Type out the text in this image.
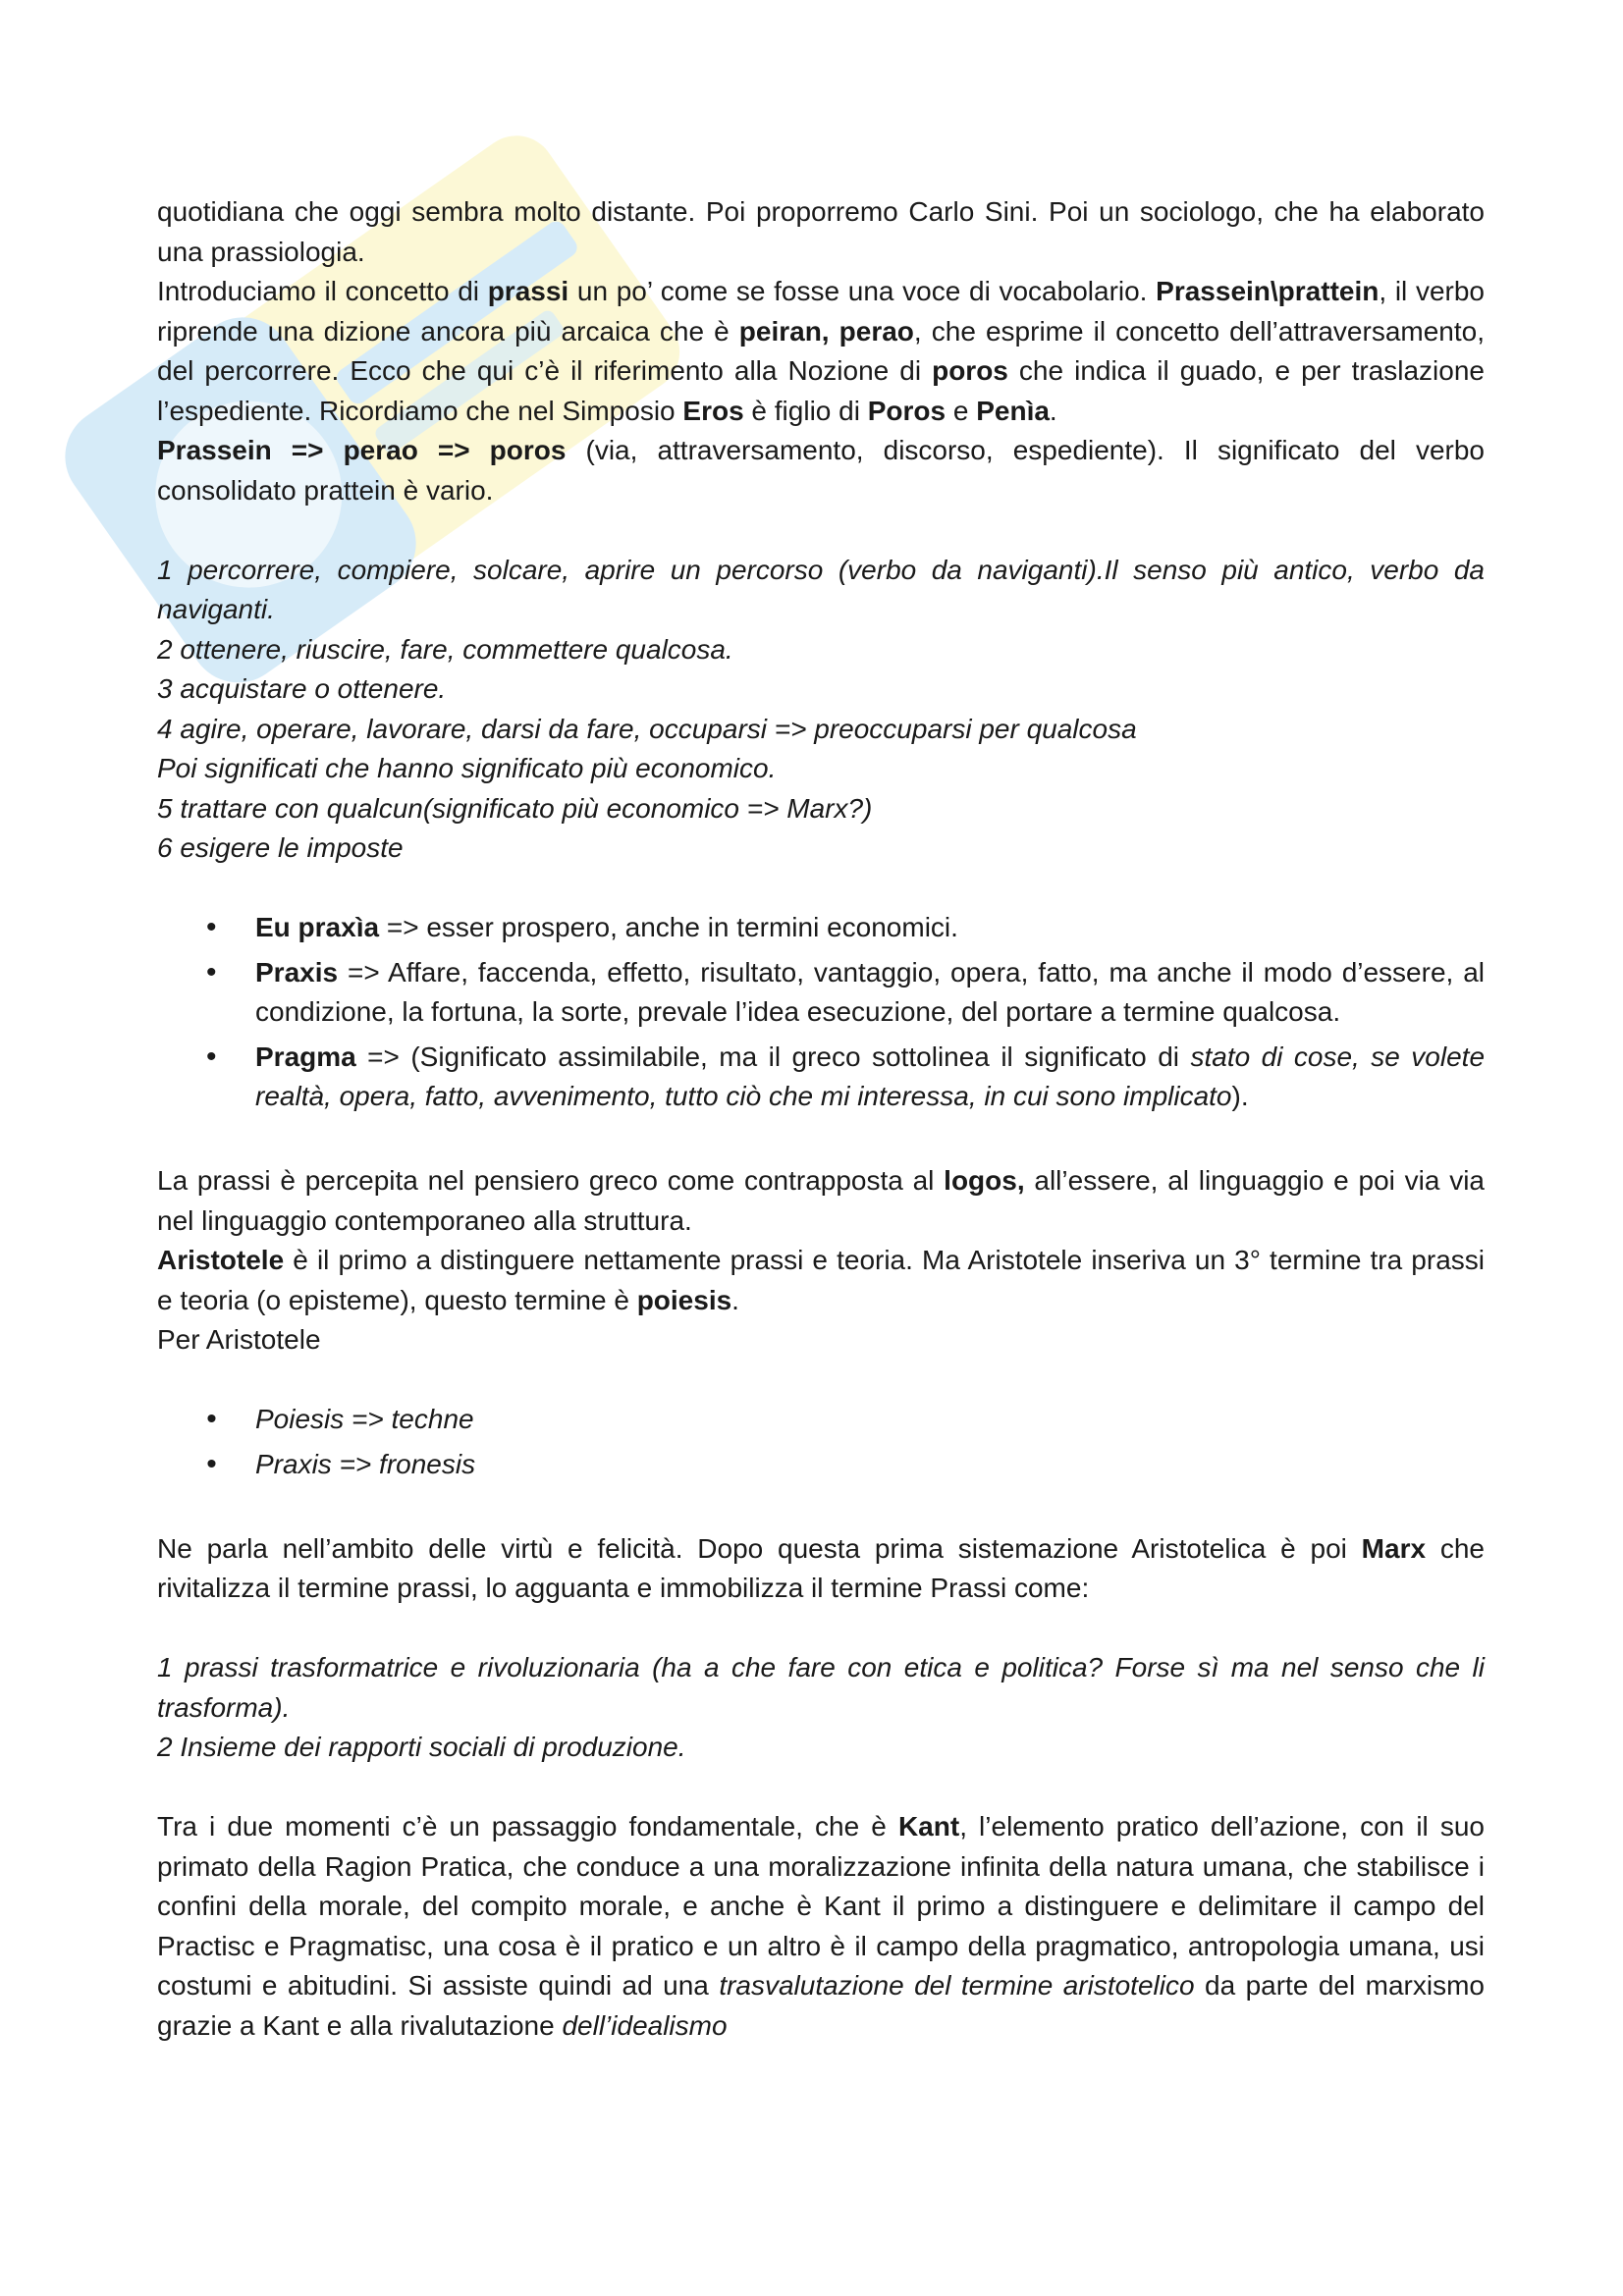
quotidiana che oggi sembra molto distante. Poi proporremo Carlo Sini. Poi un sociologo, che ha elaborato una prassiologia.

Introduciamo il concetto di prassi un po’ come se fosse una voce di vocabolario. Prassein\prattein, il verbo riprende una dizione ancora più arcaica che è peiran, perao, che esprime il concetto dell’attraversamento, del percorrere. Ecco che qui c’è il riferimento alla Nozione di poros che indica il guado, e per traslazione l’espediente. Ricordiamo che nel Simposio Eros è figlio di Poros e Penìa.

Prassein => perao => poros (via, attraversamento, discorso, espediente). Il significato del verbo consolidato prattein è vario.

1 percorrere, compiere, solcare, aprire un percorso (verbo da naviganti).Il senso più antico, verbo da naviganti.

2 ottenere, riuscire, fare, commettere qualcosa.

3 acquistare o ottenere.

4 agire, operare, lavorare, darsi da fare, occuparsi => preoccuparsi per qualcosa

Poi significati che hanno significato più economico.

5 trattare con qualcun(significato più economico => Marx?)

6 esigere le imposte

• Eu praxìa => esser prospero, anche in termini economici.
• Praxis => Affare, faccenda, effetto, risultato, vantaggio, opera, fatto, ma anche il modo d’essere, al condizione, la fortuna, la sorte, prevale l’idea esecuzione, del portare a termine qualcosa.
• Pragma => (Significato assimilabile, ma il greco sottolinea il significato di stato di cose, se volete realtà, opera, fatto, avvenimento, tutto ciò che mi interessa, in cui sono implicato).

La prassi è percepita nel pensiero greco come contrapposta al logos, all’essere, al linguaggio e poi via via nel linguaggio contemporaneo alla struttura.

Aristotele è il primo a distinguere nettamente prassi e teoria. Ma Aristotele inseriva un 3° termine tra prassi e teoria (o episteme), questo termine è poiesis.

Per Aristotele

• Poiesis => techne
• Praxis => fronesis

Ne parla nell’ambito delle virtù e felicità. Dopo questa prima sistemazione Aristotelica è poi Marx che rivitalizza il termine prassi, lo agguanta e immobilizza il termine Prassi come:

1 prassi trasformatrice e rivoluzionaria (ha a che fare con etica e politica? Forse sì ma nel senso che li trasforma).

2 Insieme dei rapporti sociali di produzione.

Tra i due momenti c’è un passaggio fondamentale, che è Kant, l’elemento pratico dell’azione, con il suo primato della Ragion Pratica, che conduce a una moralizzazione infinita della natura umana, che stabilisce i confini della morale, del compito morale, e anche è Kant il primo a distinguere e delimitare il campo del Practisc e Pragmatisc, una cosa è il pratico e un altro è il campo della pragmatico, antropologia umana, usi costumi e abitudini. Si assiste quindi ad una trasvalutazione del termine aristotelico da parte del marxismo grazie a Kant e alla rivalutazione dell’idealismo
